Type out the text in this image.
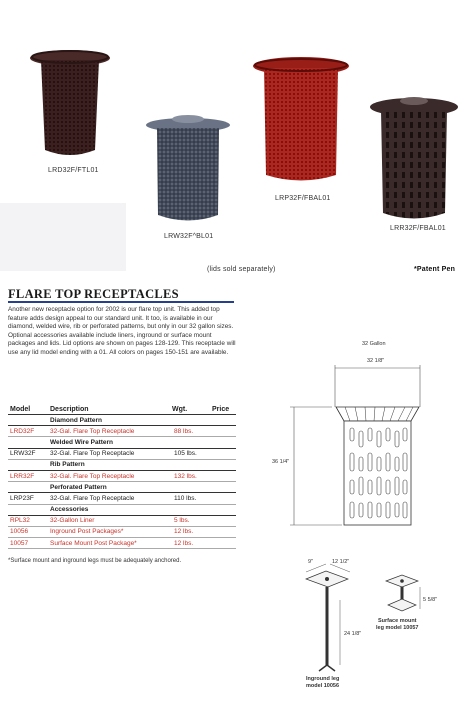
LRD32F/FTL01
LRW32F^BL01
LRP32F/FBAL01
LRR32F/FBAL01
(lids sold separately)	*Patent Pen
FLARE TOP RECEPTACLES
Another new receptacle option for 2002 is our flare top unit. This added top feature adds design appeal to our standard unit. It too, is available in our diamond, welded wire, rib or perforated patterns, but only in our 32 gallon sizes. Optional accessories available include liners, inground or surface mount packages and lids. Lid options are shown on pages 128-129. This receptacle will use any lid model ending with a 01. All colors on pages 150-151 are available.
Model	Description	Wgt.	Price
Diamond Pattern			
LRD32F	32-Gal. Flare Top Receptacle	88 lbs.	
Welded Wire Pattern			
LRW32F	32-Gal. Flare Top Receptacle	105 lbs.	
Rib Pattern			
LRR32F	32-Gal. Flare Top Receptacle	132 lbs.	
Perforated Pattern			
LRP23F	32-Gal. Flare Top Receptacle	110 lbs.	
Accessories			
RPL32	32-Gallon Liner	5 lbs.	
10056	Inground Post Packages*	12 lbs.	
10057	Surface Mount Post Package*	12 lbs.	
*Surface mount and inground legs must be adequately anchored.
32 Gallon
32 1/8"
36 1/4"
9"	12 1/2"
24 1/8"
Inground leg
model 10056
5 5/8"
Surface mount
leg model 10057
